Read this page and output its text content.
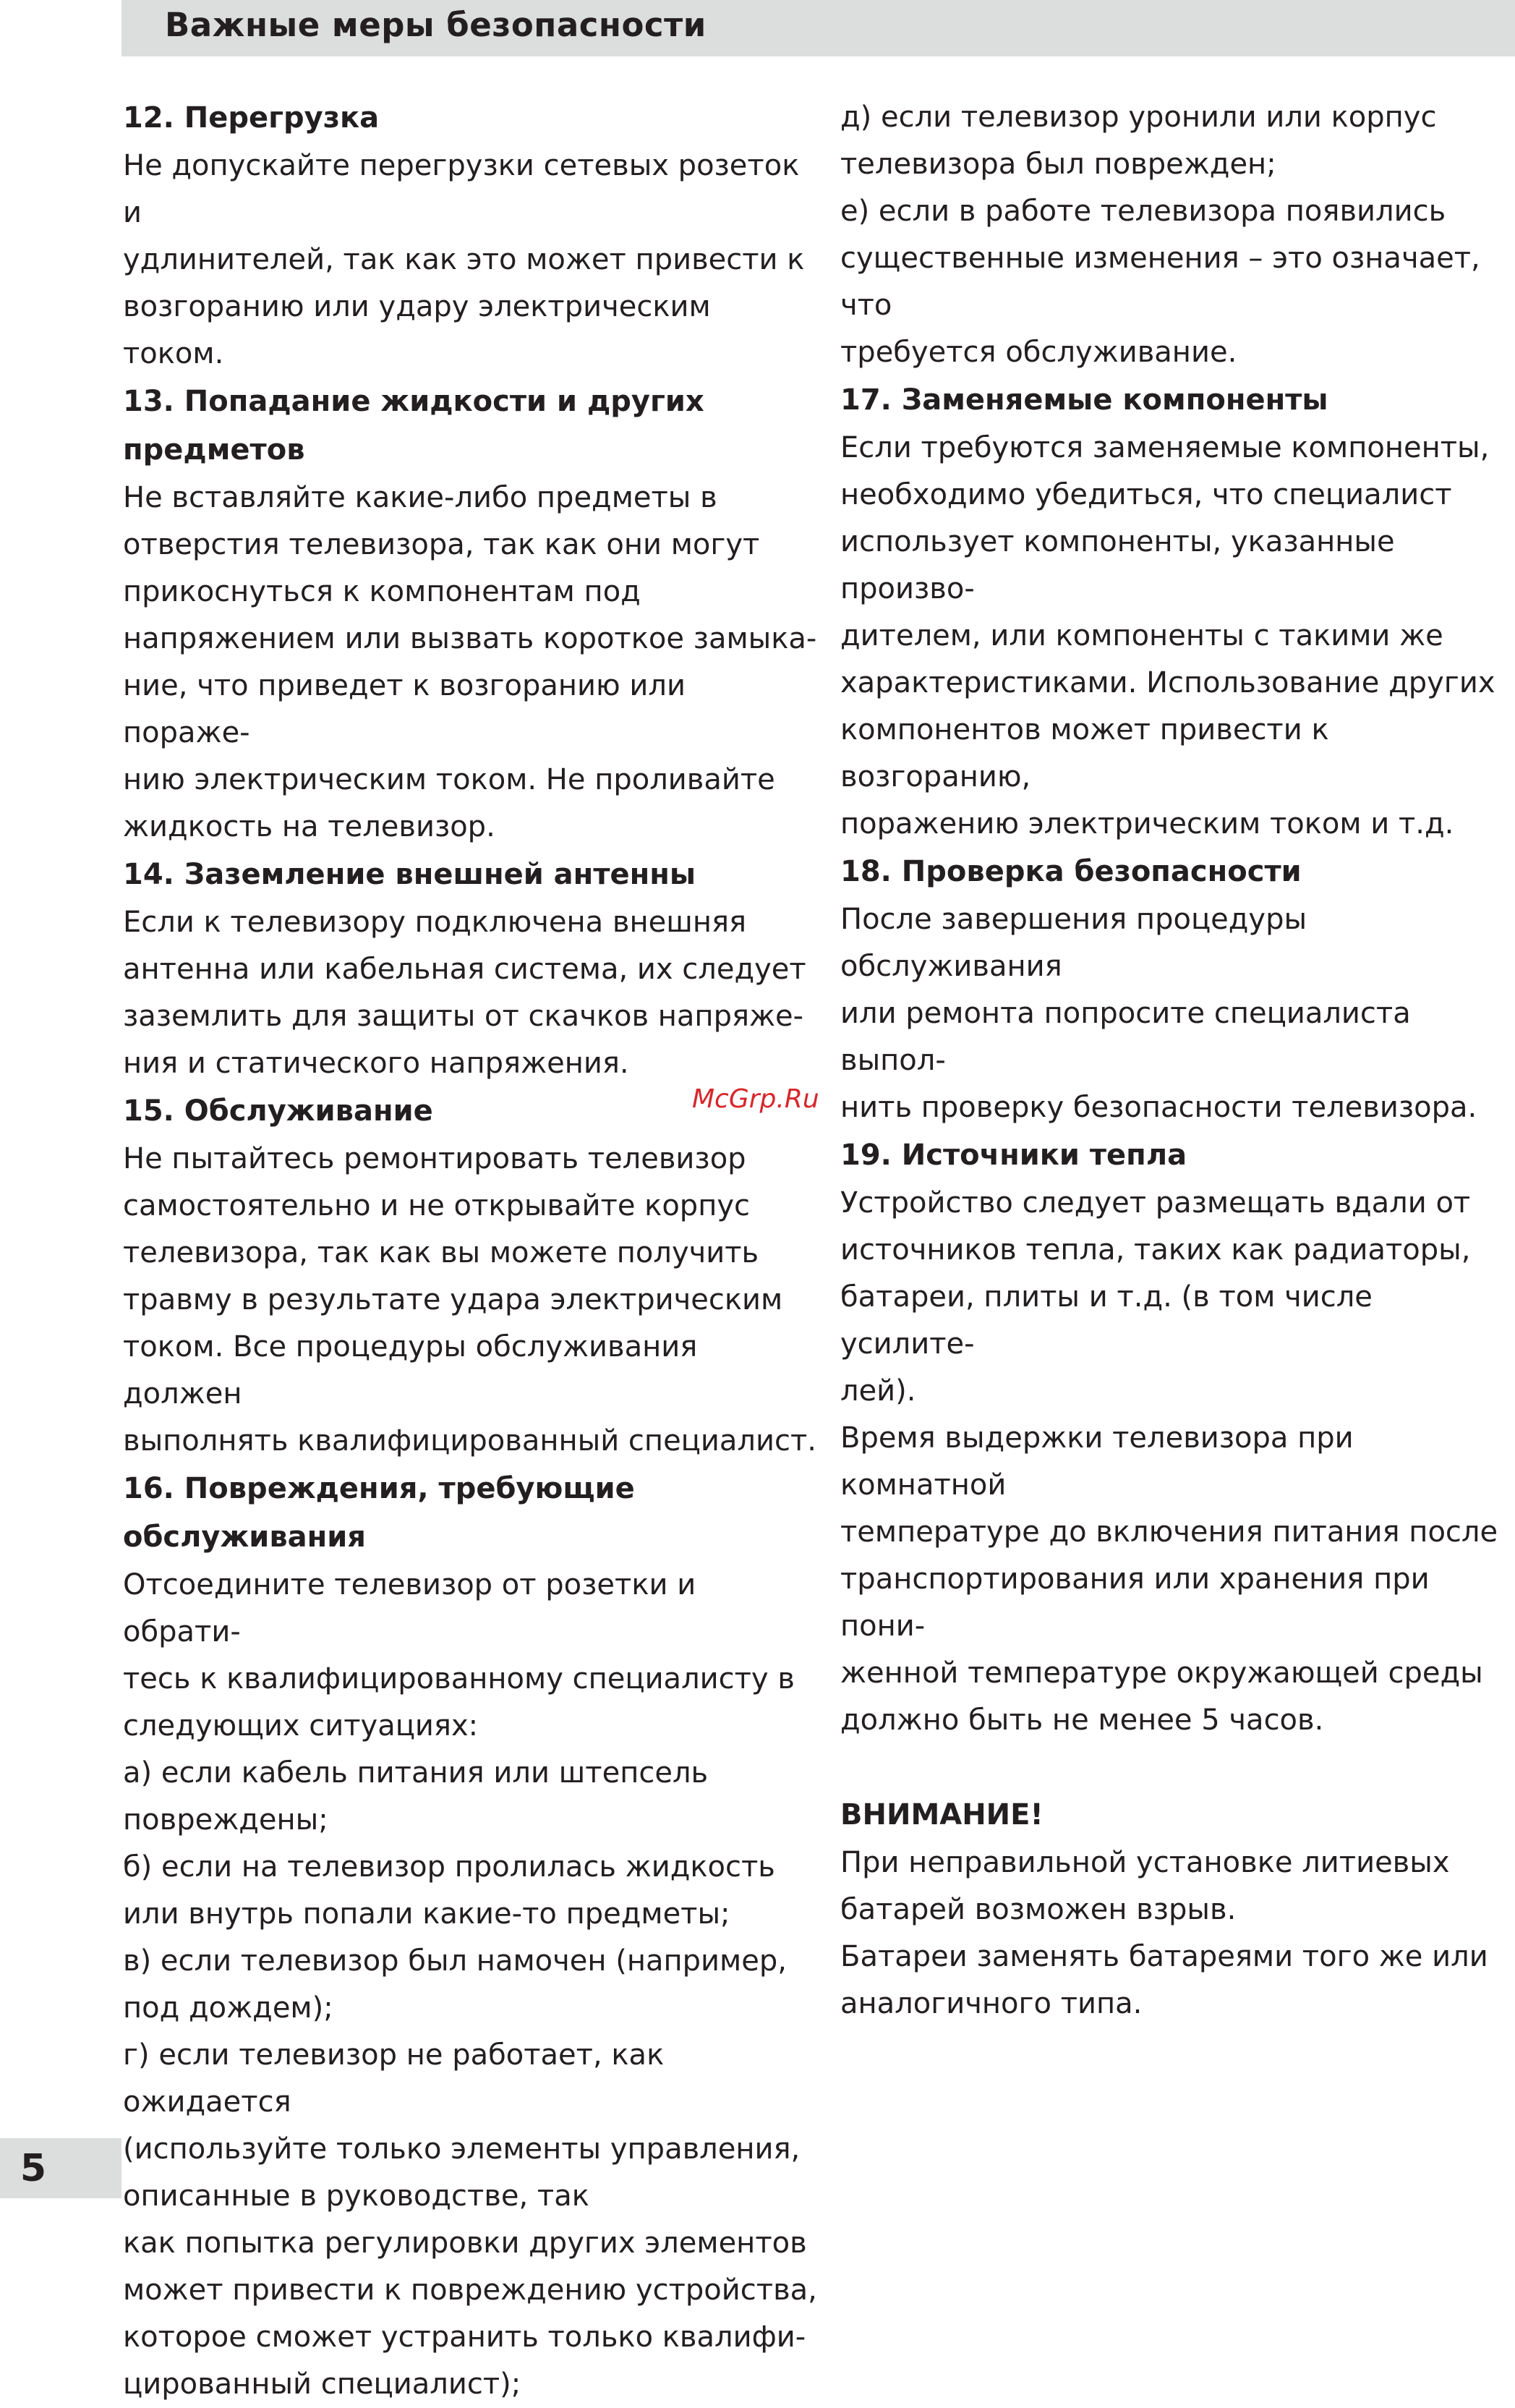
Важные меры безопасности
12. Перегрузка

Не допускайте перегрузки сетевых розеток и
удлинителей, так как это может привести к
возгоранию или удару электрическим током.

13. Попадание жидкости и других
предметов

Не вставляйте какие-либо предметы в
отверстия телевизора, так как они могут
прикоснуться к компонентам под
напряжением или вызвать короткое замыка-
ние, что приведет к возгоранию или пораже-
нию электрическим током. Не проливайте
жидкость на телевизор.

14. Заземление внешней антенны

Если к телевизору подключена внешняя
антенна или кабельная система, их следует
заземлить для защиты от скачков напряже-
ния и статического напряжения.

15. Обслуживание

Не пытайтесь ремонтировать телевизор
самостоятельно и не открывайте корпус
телевизора, так как вы можете получить
травму в результате удара электрическим
током. Все процедуры обслуживания должен
выполнять квалифицированный специалист.

16. Повреждения, требующие
обслуживания

Отсоедините телевизор от розетки и обрати-
тесь к квалифицированному специалисту в
следующих ситуациях:
а) если кабель питания или штепсель
повреждены;
б) если на телевизор пролилась жидкость
или внутрь попали какие-то предметы;
в) если телевизор был намочен (например,
под дождем);
г) если телевизор не работает, как ожидается
(используйте только элементы управления,
описанные в руководстве, так
как попытка регулировки других элементов
может привести к повреждению устройства,
которое сможет устранить только квалифи-
цированный специалист);

д) если телевизор уронили или корпус
телевизора был поврежден;
е) если в работе телевизора появились
существенные изменения – это означает, что
требуется обслуживание.

17. Заменяемые компоненты

Если требуются заменяемые компоненты,
необходимо убедиться, что специалист
использует компоненты, указанные произво-
дителем, или компоненты с такими же
характеристиками. Использование других
компонентов может привести к возгоранию,
поражению электрическим током и т.д.

18. Проверка безопасности

После завершения процедуры обслуживания
или ремонта попросите специалиста выпол-
нить проверку безопасности телевизора.

19. Источники тепла

Устройство следует размещать вдали от
источников тепла, таких как радиаторы,
батареи, плиты и т.д. (в том числе усилите-
лей).
Время выдержки телевизора при комнатной
температуре до включения питания после
транспортирования или хранения при пони-
женной температуре окружающей среды
должно быть не менее 5 часов.

ВНИМАНИЕ!

При неправильной установке литиевых
батарей возможен взрыв.
Батареи заменять батареями того же или
аналогичного типа.

McGrp.Ru
5
